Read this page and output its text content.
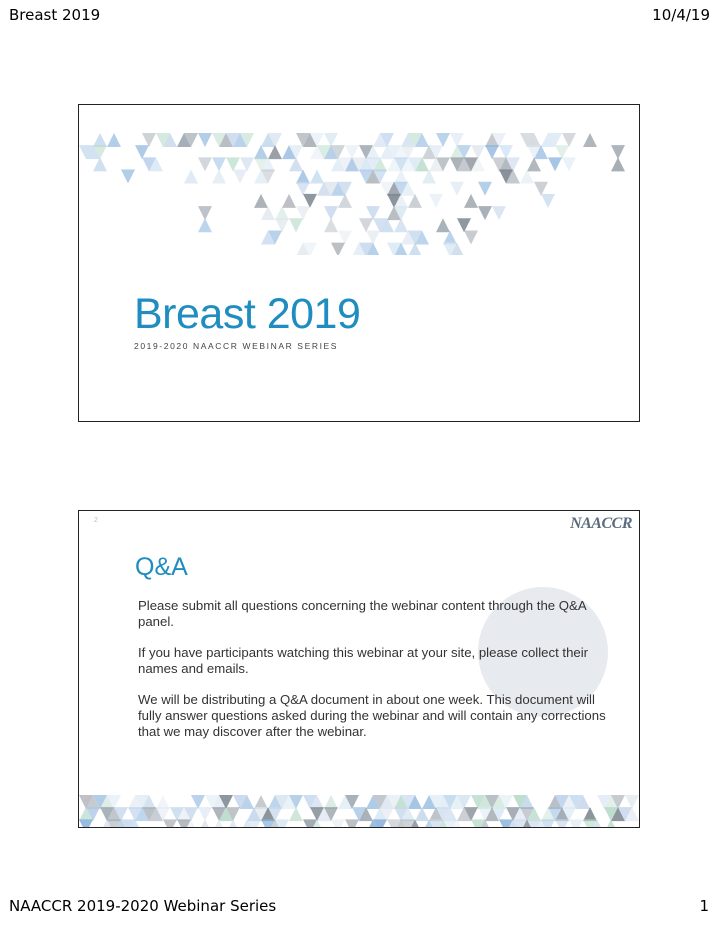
Breast 2019	10/4/19
Breast 2019
2019-2020 NAACCR WEBINAR SERIES
2	NAACCR
Q&A

Please submit all questions concerning the webinar content through the Q&A panel.

If you have participants watching this webinar at your site, please collect their names and emails.

We will be distributing a Q&A document in about one week. This document will fully answer questions asked during the webinar and will contain any corrections that we may discover after the webinar.

NAACCR 2019-2020 Webinar Series	1
